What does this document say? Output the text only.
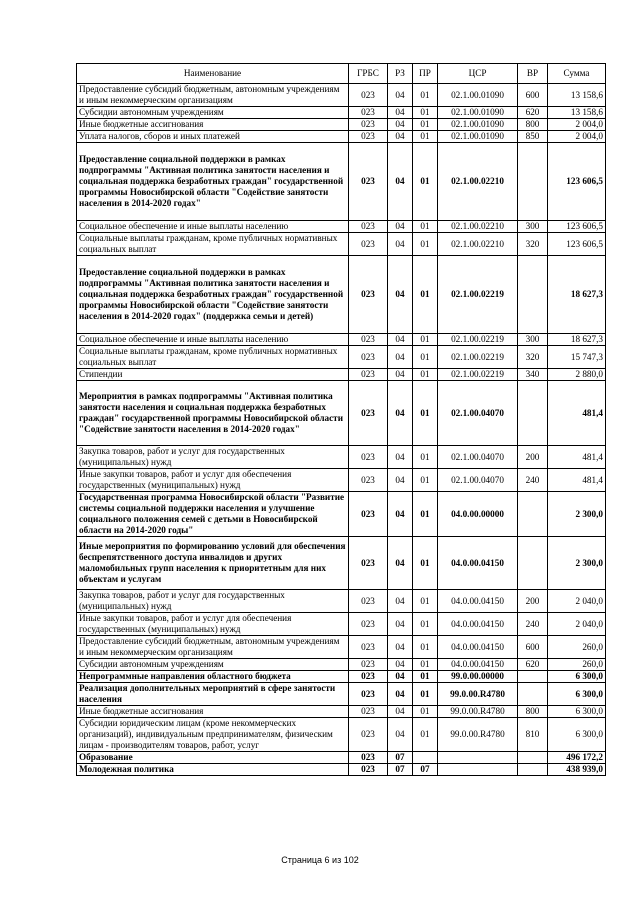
Наименование	ГРБС	РЗ	ПР	ЦСР	ВР	Сумма
Предоставление субсидий бюджетным, автономным учреждениям и иным некоммерческим организациям	023	04	01	02.1.00.01090	600	13 158,6
Субсидии автономным учреждениям	023	04	01	02.1.00.01090	620	13 158,6
Иные бюджетные ассигнования	023	04	01	02.1.00.01090	800	2 004,0
Уплата налогов, сборов и иных платежей	023	04	01	02.1.00.01090	850	2 004,0
Предоставление социальной поддержки в рамках подпрограммы "Активная политика занятости населения и социальная поддержка безработных граждан" государственной программы Новосибирской области "Содействие занятости населения в 2014-2020 годах"	023	04	01	02.1.00.02210		123 606,5
Социальное обеспечение и иные выплаты населению	023	04	01	02.1.00.02210	300	123 606,5
Социальные выплаты гражданам, кроме публичных нормативных социальных выплат	023	04	01	02.1.00.02210	320	123 606,5
Предоставление социальной поддержки в рамках подпрограммы "Активная политика занятости населения и социальная поддержка безработных граждан" государственной программы Новосибирской области "Содействие занятости населения в 2014-2020 годах" (поддержка семьи и детей)	023	04	01	02.1.00.02219		18 627,3
Социальное обеспечение и иные выплаты населению	023	04	01	02.1.00.02219	300	18 627,3
Социальные выплаты гражданам, кроме публичных нормативных социальных выплат	023	04	01	02.1.00.02219	320	15 747,3
Стипендии	023	04	01	02.1.00.02219	340	2 880,0
Мероприятия в рамках подпрограммы "Активная политика занятости населения и социальная поддержка безработных граждан" государственной программы Новосибирской области "Содействие занятости населения в 2014-2020 годах"	023	04	01	02.1.00.04070		481,4
Закупка товаров, работ и услуг для государственных (муниципальных) нужд	023	04	01	02.1.00.04070	200	481,4
Иные закупки товаров, работ и услуг для обеспечения государственных (муниципальных) нужд	023	04	01	02.1.00.04070	240	481,4
Государственная программа Новосибирской области "Развитие системы социальной поддержки населения и улучшение социального положения семей с детьми в Новосибирской области на 2014-2020 годы"	023	04	01	04.0.00.00000		2 300,0
Иные мероприятия по формированию условий для обеспечения беспрепятственного доступа инвалидов и других маломобильных групп населения к приоритетным для них объектам и услугам	023	04	01	04.0.00.04150		2 300,0
Закупка товаров, работ и услуг для государственных (муниципальных) нужд	023	04	01	04.0.00.04150	200	2 040,0
Иные закупки товаров, работ и услуг для обеспечения государственных (муниципальных) нужд	023	04	01	04.0.00.04150	240	2 040,0
Предоставление субсидий бюджетным, автономным учреждениям и иным некоммерческим организациям	023	04	01	04.0.00.04150	600	260,0
Субсидии автономным учреждениям	023	04	01	04.0.00.04150	620	260,0
Непрограммные направления областного бюджета	023	04	01	99.0.00.00000		6 300,0
Реализация дополнительных мероприятий в сфере занятости населения	023	04	01	99.0.00.R4780		6 300,0
Иные бюджетные ассигнования	023	04	01	99.0.00.R4780	800	6 300,0
Субсидии юридическим лицам (кроме некоммерческих организаций), индивидуальным предпринимателям, физическим лицам - производителям товаров, работ, услуг	023	04	01	99.0.00.R4780	810	6 300,0
Образование	023	07				496 172,2
Молодежная политика	023	07	07			438 939,0
Страница 6 из 102
